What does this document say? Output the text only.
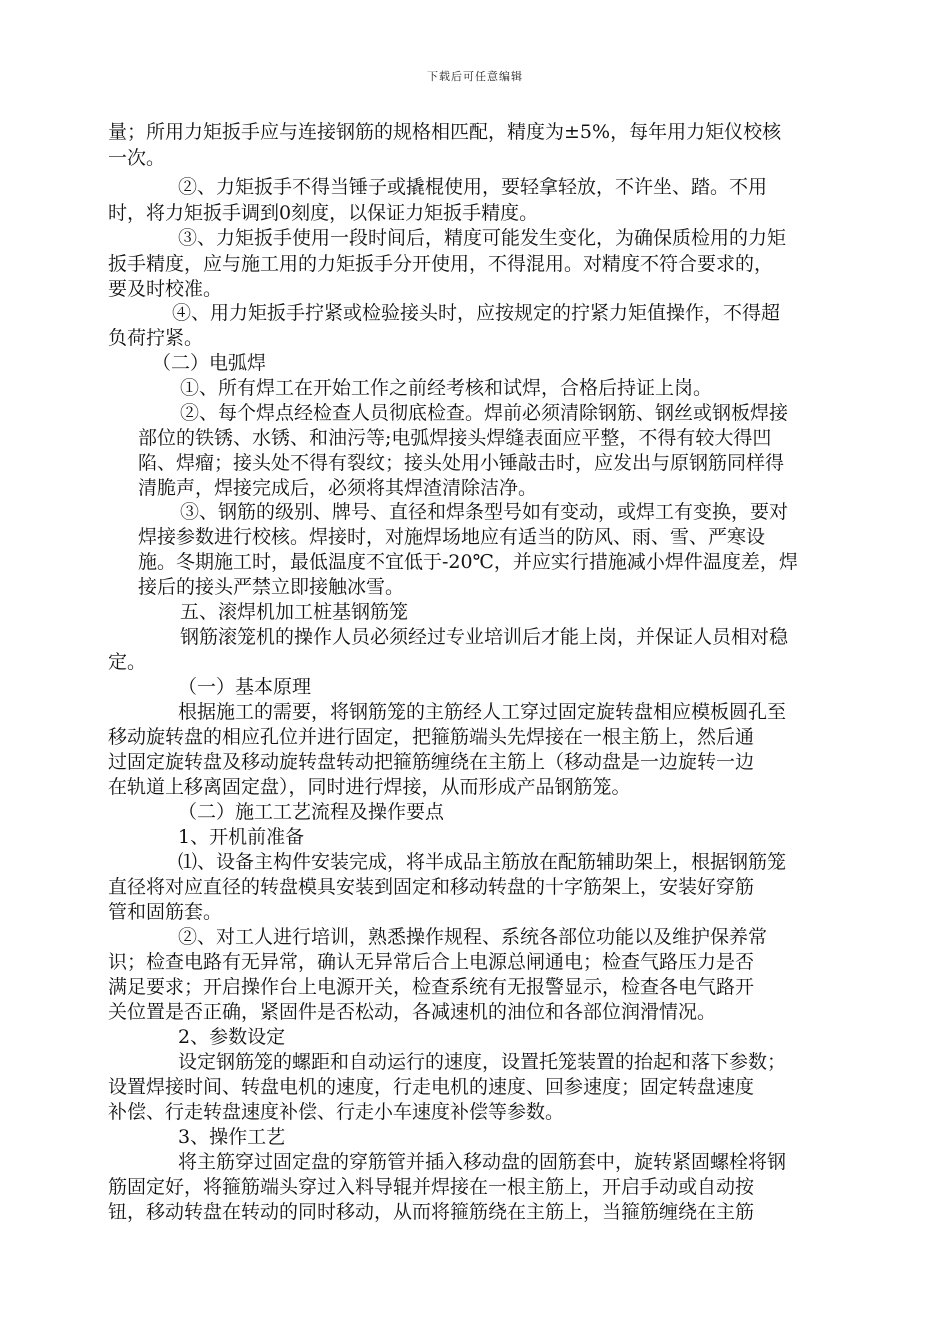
下载后可任意编辑
量；所用力矩扳手应与连接钢筋的规格相匹配，精度为±5%，每年用力矩仪校核
一次。
②、力矩扳手不得当锤子或撬棍使用，要轻拿轻放，不许坐、踏。不用
时，将力矩扳手调到0刻度，以保证力矩扳手精度。
③、力矩扳手使用一段时间后，精度可能发生变化，为确保质检用的力矩
扳手精度，应与施工用的力矩扳手分开使用，不得混用。对精度不符合要求的，
要及时校准。
④、用力矩扳手拧紧或检验接头时，应按规定的拧紧力矩值操作，不得超
负荷拧紧。
（二）电弧焊
①、所有焊工在开始工作之前经考核和试焊，合格后持证上岗。
②、每个焊点经检查人员彻底检查。焊前必须清除钢筋、钢丝或钢板焊接
部位的铁锈、水锈、和油污等;电弧焊接头焊缝表面应平整，不得有较大得凹
陷、焊瘤；接头处不得有裂纹；接头处用小锤敲击时，应发出与原钢筋同样得
清脆声，焊接完成后，必须将其焊渣清除洁净。
③、钢筋的级别、牌号、直径和焊条型号如有变动，或焊工有变换，要对
焊接参数进行校核。焊接时，对施焊场地应有适当的防风、雨、雪、严寒设
施。冬期施工时，最低温度不宜低于-20℃，并应实行措施减小焊件温度差，焊
接后的接头严禁立即接触冰雪。
五、滚焊机加工桩基钢筋笼
钢筋滚笼机的操作人员必须经过专业培训后才能上岗，并保证人员相对稳
定。
（一）基本原理
根据施工的需要，将钢筋笼的主筋经人工穿过固定旋转盘相应模板圆孔至
移动旋转盘的相应孔位并进行固定，把箍筋端头先焊接在一根主筋上，然后通
过固定旋转盘及移动旋转盘转动把箍筋缠绕在主筋上（移动盘是一边旋转一边
在轨道上移离固定盘），同时进行焊接，从而形成产品钢筋笼。
（二）施工工艺流程及操作要点
1、开机前准备
⑴、设备主构件安装完成，将半成品主筋放在配筋辅助架上，根据钢筋笼
直径将对应直径的转盘模具安装到固定和移动转盘的十字筋架上，安装好穿筋
管和固筋套。
②、对工人进行培训，熟悉操作规程、系统各部位功能以及维护保养常
识；检查电路有无异常，确认无异常后合上电源总闸通电；检查气路压力是否
满足要求；开启操作台上电源开关，检查系统有无报警显示，检查各电气路开
关位置是否正确，紧固件是否松动，各减速机的油位和各部位润滑情况。
2、参数设定
设定钢筋笼的螺距和自动运行的速度，设置托笼装置的抬起和落下参数；
设置焊接时间、转盘电机的速度，行走电机的速度、回参速度；固定转盘速度
补偿、行走转盘速度补偿、行走小车速度补偿等参数。
3、操作工艺
将主筋穿过固定盘的穿筋管并插入移动盘的固筋套中，旋转紧固螺栓将钢
筋固定好，将箍筋端头穿过入料导辊并焊接在一根主筋上，开启手动或自动按
钮，移动转盘在转动的同时移动，从而将箍筋绕在主筋上，当箍筋缠绕在主筋
